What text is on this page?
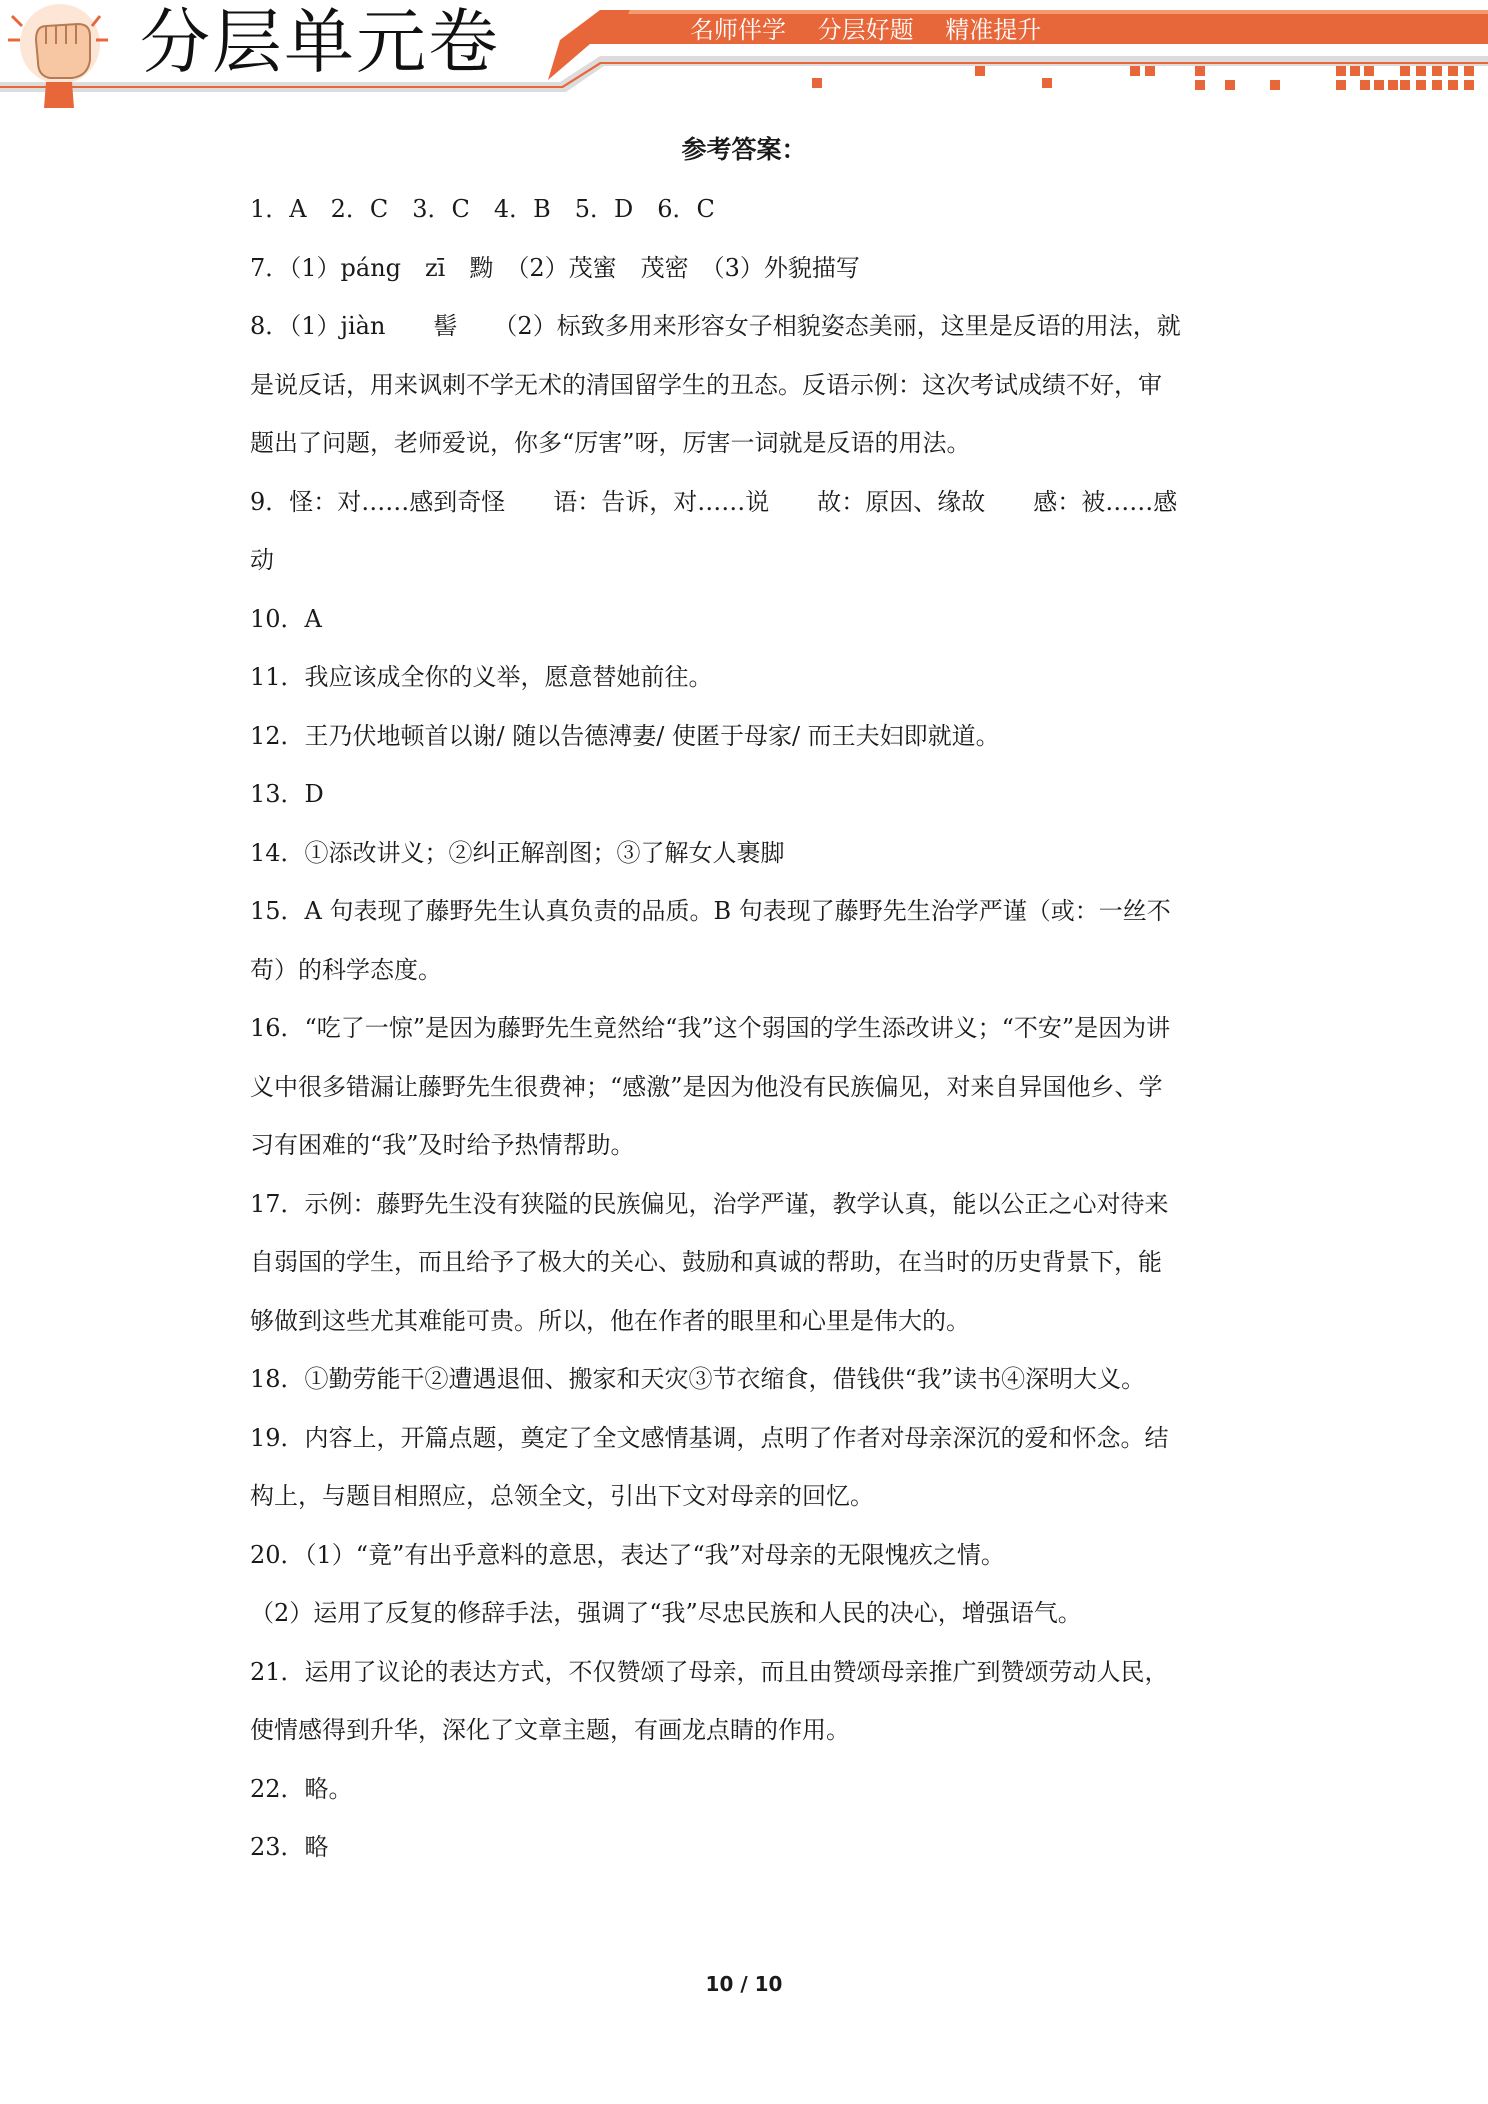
分层单元卷	名师伴学 分层好题 精准提升
参考答案：
1．A　2．C　3．C　4．B　5．D　6．C
7．（1）páng　zī　黝　（2）茂蜜　茂密　（3）外貌描写
8．（1）jiàn　　髻　　（2）标致多用来形容女子相貌姿态美丽，这里是反语的用法，就
是说反话，用来讽刺不学无术的清国留学生的丑态。反语示例：这次考试成绩不好，审
题出了问题，老师爱说，你多“厉害”呀，厉害一词就是反语的用法。
9．怪：对……感到奇怪　　语：告诉，对……说　　故：原因、缘故　　感：被……感
动
10．A
11．我应该成全你的义举，愿意替她前往。
12．王乃伏地顿首以谢/ 随以告德溥妻/ 使匿于母家/ 而王夫妇即就道。
13．D
14．①添改讲义；②纠正解剖图；③了解女人裹脚
15．A 句表现了藤野先生认真负责的品质。B 句表现了藤野先生治学严谨（或：一丝不
苟）的科学态度。
16．“吃了一惊”是因为藤野先生竟然给“我”这个弱国的学生添改讲义；“不安”是因为讲
义中很多错漏让藤野先生很费神；“感激”是因为他没有民族偏见，对来自异国他乡、学
习有困难的“我”及时给予热情帮助。
17．示例：藤野先生没有狭隘的民族偏见，治学严谨，教学认真，能以公正之心对待来
自弱国的学生，而且给予了极大的关心、鼓励和真诚的帮助，在当时的历史背景下，能
够做到这些尤其难能可贵。所以，他在作者的眼里和心里是伟大的。
18．①勤劳能干②遭遇退佃、搬家和天灾③节衣缩食，借钱供“我”读书④深明大义。
19．内容上，开篇点题，奠定了全文感情基调，点明了作者对母亲深沉的爱和怀念。结
构上，与题目相照应，总领全文，引出下文对母亲的回忆。
20．（1）“竟”有出乎意料的意思，表达了“我”对母亲的无限愧疚之情。
（2）运用了反复的修辞手法，强调了“我”尽忠民族和人民的决心，增强语气。
21．运用了议论的表达方式，不仅赞颂了母亲，而且由赞颂母亲推广到赞颂劳动人民，
使情感得到升华，深化了文章主题，有画龙点睛的作用。
22．略。
23．略
10 / 10
